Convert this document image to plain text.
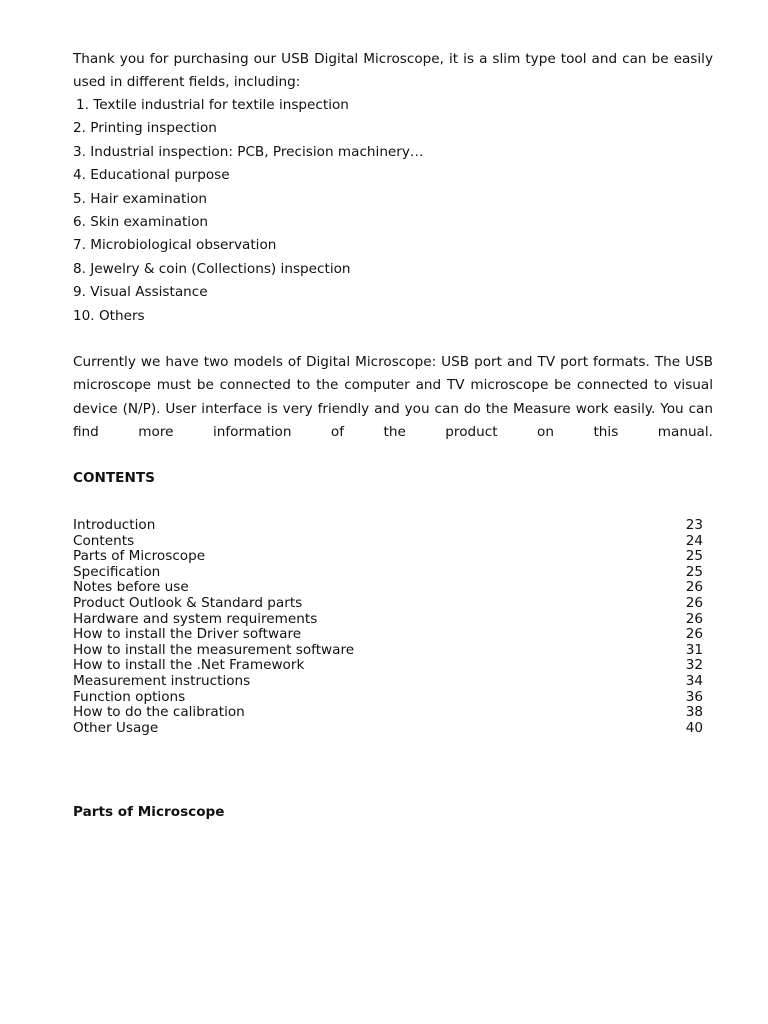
Thank you for purchasing our USB Digital Microscope, it is a slim type tool and can be easily used in different fields, including:
1. Textile industrial for textile inspection
2. Printing inspection
3. Industrial inspection: PCB, Precision machinery…
4. Educational purpose
5. Hair examination
6. Skin examination
7. Microbiological observation
8. Jewelry & coin (Collections) inspection
9. Visual Assistance
10. Others
Currently we have two models of Digital Microscope: USB port and TV port formats. The USB microscope must be connected to the computer and TV microscope be connected to visual device (N/P). User interface is very friendly and you can do the Measure work easily. You can find more information of the product on this manual.
CONTENTS
Introduction	23
Contents	24
Parts of Microscope	25
Specification	25
Notes before use	26
Product Outlook & Standard parts	26
Hardware and system requirements	26
How to install the Driver software	26
How to install the measurement software	31
How to install the .Net Framework	32
Measurement instructions	34
Function options	36
How to do the calibration	38
Other Usage	40
Parts of Microscope
